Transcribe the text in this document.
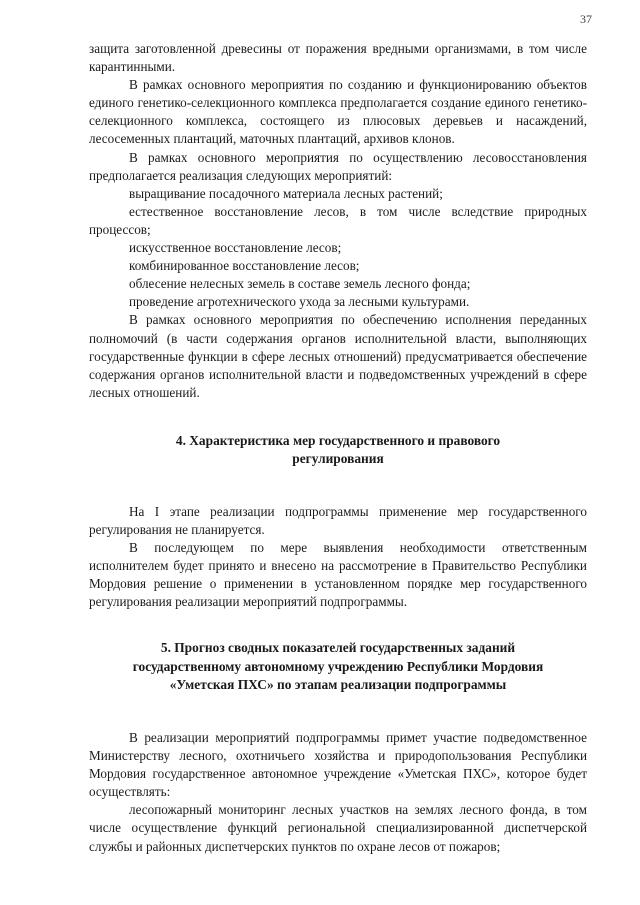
37

защита заготовленной древесины от поражения вредными организмами, в том числе карантинными.

В рамках основного мероприятия по созданию и функционированию объектов единого генетико-селекционного комплекса предполагается создание единого генетико-селекционного комплекса, состоящего из плюсовых деревьев и насаждений, лесосеменных плантаций, маточных плантаций, архивов клонов.

В рамках основного мероприятия по осуществлению лесовосстановления предполагается реализация следующих мероприятий:

выращивание посадочного материала лесных растений;

естественное восстановление лесов, в том числе вследствие природных процессов;

искусственное восстановление лесов;

комбинированное восстановление лесов;

облесение нелесных земель в составе земель лесного фонда;

проведение агротехнического ухода за лесными культурами.

В рамках основного мероприятия по обеспечению исполнения переданных полномочий (в части содержания органов исполнительной власти, выполняющих государственные функции в сфере лесных отношений) предусматривается обеспечение содержания органов исполнительной власти и подведомственных учреждений в сфере лесных отношений.

4. Характеристика мер государственного и правового
регулирования

На I этапе реализации подпрограммы применение мер государственного регулирования не планируется.

В последующем по мере выявления необходимости ответственным исполнителем будет принято и внесено на рассмотрение в Правительство Республики Мордовия решение о применении в установленном порядке мер государственного регулирования реализации мероприятий подпрограммы.

5. Прогноз сводных показателей государственных заданий
государственному автономному учреждению Республики Мордовия
«Уметская ПХС» по этапам реализации подпрограммы

В реализации мероприятий подпрограммы примет участие подведомственное Министерству лесного, охотничьего хозяйства и природопользования Республики Мордовия государственное автономное учреждение «Уметская ПХС», которое будет осуществлять:

лесопожарный мониторинг лесных участков на землях лесного фонда, в том числе осуществление функций региональной специализированной диспетчерской службы и районных диспетчерских пунктов по охране лесов от пожаров;
